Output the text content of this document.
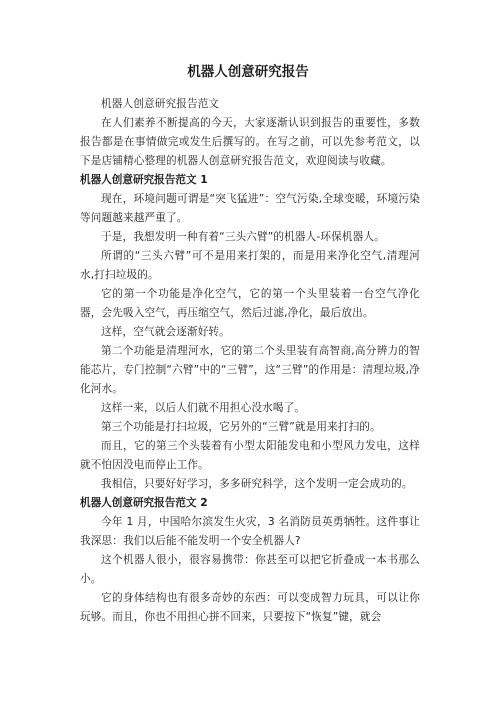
机器人创意研究报告

机器人创意研究报告范文

在人们素养不断提高的今天，大家逐渐认识到报告的重要性，多数报告都是在事情做完或发生后撰写的。在写之前，可以先参考范文，以下是店铺精心整理的机器人创意研究报告范文，欢迎阅读与收藏。

机器人创意研究报告范文 1

现在，环境问题可谓是“突飞猛进”：空气污染,全球变暖，环境污染等问题越来越严重了。

于是，我想发明一种有着“三头六臂”的机器人-环保机器人。

所谓的“三头六臂”可不是用来打架的，而是用来净化空气,清理河水,打扫垃圾的。

它的第一个功能是净化空气，它的第一个头里装着一台空气净化器，会先吸入空气，再压缩空气，然后过滤,净化，最后放出。

这样，空气就会逐渐好转。

第二个功能是清理河水，它的第二个头里装有高智商,高分辨力的智能芯片，专门控制“六臂”中的“三臂”，这“三臂”的作用是：清理垃圾,净化河水。

这样一来，以后人们就不用担心没水喝了。

第三个功能是打扫垃圾，它另外的“三臂”就是用来打扫的。

而且，它的第三个头装着有小型太阳能发电和小型风力发电，这样就不怕因没电而停止工作。

我相信，只要好好学习，多多研究科学，这个发明一定会成功的。

机器人创意研究报告范文 2

今年 1 月，中国哈尔滨发生火灾，3 名消防员英勇牺牲。这件事让我深思：我们以后能不能发明一个安全机器人?

这个机器人很小，很容易携带：你甚至可以把它折叠成一本书那么小。

它的身体结构也有很多奇妙的东西：可以变成智力玩具，可以让你玩够。而且，你也不用担心拼不回来，只要按下“恢复”键，就会
